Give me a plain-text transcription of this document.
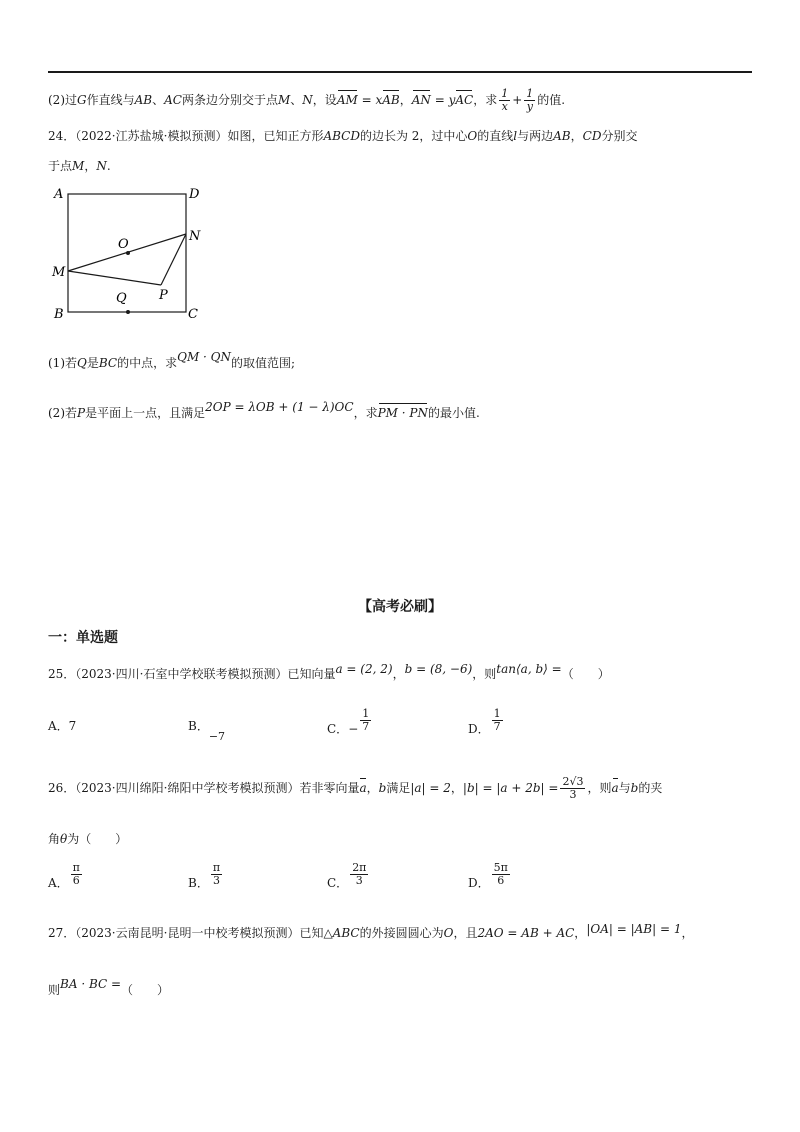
(2)过G作直线与AB、AC两条边分别交于点M、N，设AM = xAB，AN = yAC，求 $\frac{1}{x} + \frac{1}{y}$ 的值.
24．（2022·江苏盐城·模拟预测）如图，已知正方形ABCD的边长为 2，过中心O的直线l与两边AB，CD分别交
于点M，N.
A	D
O
N
M
P
Q
B	C
(1)若Q是BC的中点，求QM · QN的取值范围;
(2)若P是平面上一点，且满足2OP = λOB + (1 − λ)OC，求PM · PN的最小值.
【高考必刷】
一：单选题
25．（2023·四川·石室中学校联考模拟预测）已知向量a = (2, 2)，b = (8, −6)，则tan⟨a, b⟩ =（　　）
A．7	B．−7
C．− $\frac{1}{7}$	D． $\frac{1}{7}$
26．（2023·四川绵阳·绵阳中学校考模拟预测）若非零向量a，b满足|a| = 2，$|b| = |a + 2b| = \frac{2√3}{3}$ ，则a与b的夹
角θ为（　　）
A． $\frac{\pi}{6}$	B． $\frac{\pi}{3}$	C． $\frac{2\pi}{3}$	D． $\frac{5\pi}{6}$
27．（2023·云南昆明·昆明一中校考模拟预测）已知△ABC的外接圆圆心为O，且2AO = AB + AC，|OA| = |AB| = 1，
则BA · BC =（　　）
